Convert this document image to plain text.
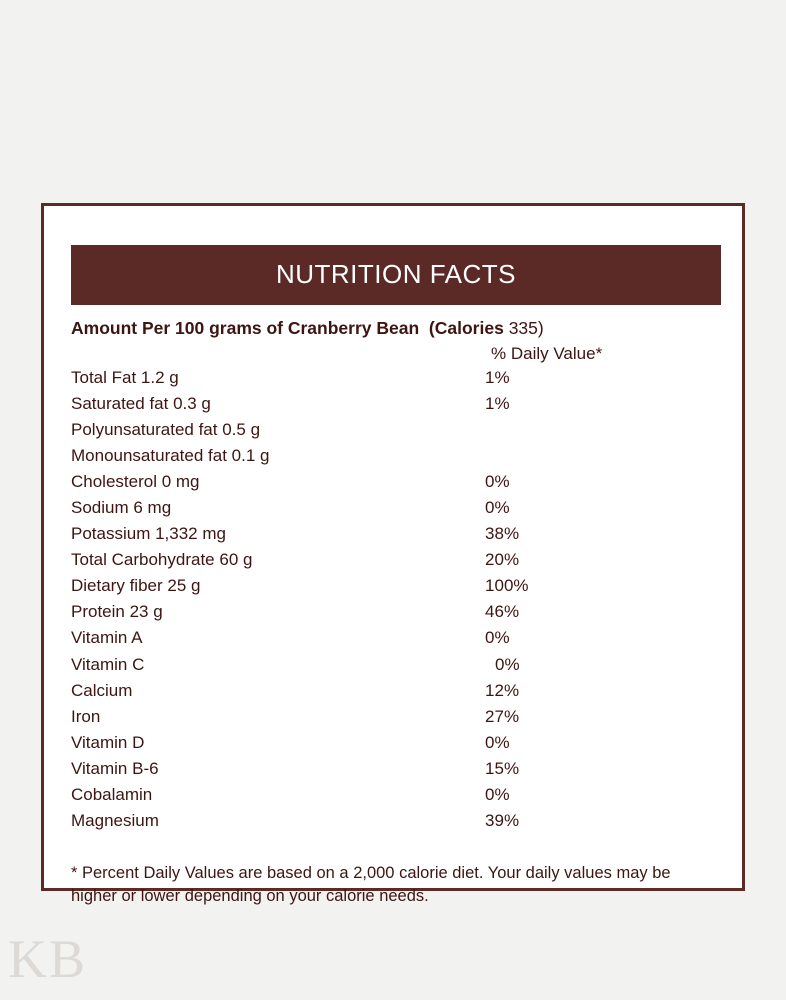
NUTRITION FACTS
Amount Per 100 grams of Cranberry Bean (Calories 335)
% Daily Value*
Total Fat 1.2 g	1%
Saturated fat 0.3 g	1%
Polyunsaturated fat 0.5 g	
Monounsaturated fat 0.1 g	
Cholesterol 0 mg	0%
Sodium 6 mg	0%
Potassium 1,332 mg	38%
Total Carbohydrate 60 g	20%
Dietary fiber 25 g	100%
Protein 23 g	46%
Vitamin A	0%
Vitamin C	0%
Calcium	12%
Iron	27%
Vitamin D	0%
Vitamin B-6	15%
Cobalamin	0%
Magnesium	39%
* Percent Daily Values are based on a 2,000 calorie diet. Your daily values may be higher or lower depending on your calorie needs.
KB
